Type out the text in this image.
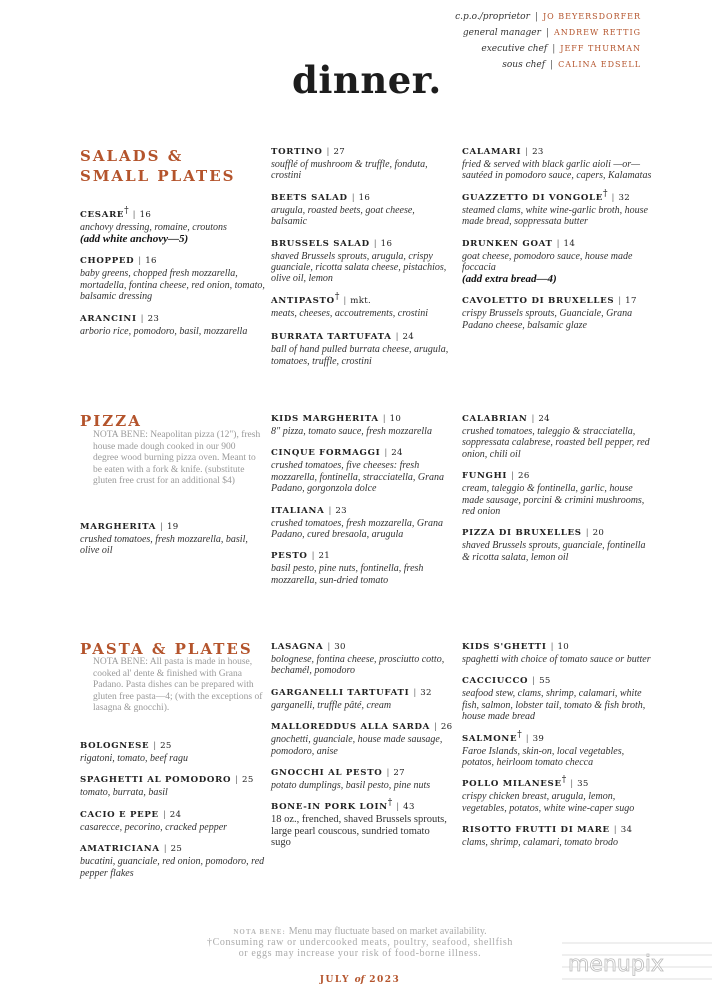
c.p.o./proprietor | JO BEYERSDORFER
general manager | ANDREW RETTIG
executive chef | JEFF THURMAN
sous chef | CALINA EDSELL
dinner.
SALADS &
SMALL PLATES
CESARE† | 16
anchovy dressing, romaine, croutons
(add white anchovy—5)
CHOPPED | 16
baby greens, chopped fresh mozzarella, mortadella, fontina cheese, red onion, tomato, balsamic dressing
ARANCINI | 23
arborio rice, pomodoro, basil, mozzarella
TORTINO | 27
soufflé of mushroom & truffle, fonduta, crostini
BEETS SALAD | 16
arugula, roasted beets, goat cheese, balsamic
BRUSSELS SALAD | 16
shaved Brussels sprouts, arugula, crispy guanciale, ricotta salata cheese, pistachios, olive oil, lemon
ANTIPASTO† | mkt.
meats, cheeses, accoutrements, crostini
BURRATA TARTUFATA | 24
ball of hand pulled burrata cheese, arugula, tomatoes, truffle, crostini
CALAMARI | 23
fried & served with black garlic aioli —or— sautéed in pomodoro sauce, capers, Kalamatas
GUAZZETTO DI VONGOLE† | 32
steamed clams, white wine-garlic broth, house made bread, soppressata butter
DRUNKEN GOAT | 14
goat cheese, pomodoro sauce, house made foccacia
(add extra bread—4)
CAVOLETTO DI BRUXELLES | 17
crispy Brussels sprouts, Guanciale, Grana Padano cheese, balsamic glaze
PIZZA
NOTA BENE: Neapolitan pizza (12"), fresh house made dough cooked in our 900 degree wood burning pizza oven. Meant to be eaten with a fork & knife. (substitute gluten free crust for an additional $4)
MARGHERITA | 19
crushed tomatoes, fresh mozzarella, basil, olive oil
KIDS MARGHERITA | 10
8" pizza, tomato sauce, fresh mozzarella
CINQUE FORMAGGI | 24
crushed tomatoes, five cheeses: fresh mozzarella, fontinella, stracciatella, Grana Padano, gorgonzola dolce
ITALIANA | 23
crushed tomatoes, fresh mozzarella, Grana Padano, cured bresaola, arugula
PESTO | 21
basil pesto, pine nuts, fontinella, fresh mozzarella, sun-dried tomato
CALABRIAN | 24
crushed tomatoes, taleggio & stracciatella, soppressata calabrese, roasted bell pepper, red onion, chili oil
FUNGHI | 26
cream, taleggio & fontinella, garlic, house made sausage, porcini & crimini mushrooms, red onion
PIZZA DI BRUXELLES | 20
shaved Brussels sprouts, guanciale, fontinella & ricotta salata, lemon oil
PASTA & PLATES
NOTA BENE: All pasta is made in house, cooked al' dente & finished with Grana Padano. Pasta dishes can be prepared with gluten free pasta—4; (with the exceptions of lasagna & gnocchi).
BOLOGNESE | 25
rigatoni, tomato, beef ragu
SPAGHETTI AL POMODORO | 25
tomato, burrata, basil
CACIO E PEPE | 24
casarecce, pecorino, cracked pepper
AMATRICIANA | 25
bucatini, guanciale, red onion, pomodoro, red pepper flakes
LASAGNA | 30
bolognese, fontina cheese, prosciutto cotto, bechamél, pomodoro
GARGANELLI TARTUFATI | 32
garganelli, truffle pâté, cream
MALLOREDDUS ALLA SARDA | 26
gnochetti, guanciale, house made sausage, pomodoro, anise
GNOCCHI AL PESTO | 27
potato dumplings, basil pesto, pine nuts
BONE-IN PORK LOIN† | 43
18 oz., frenched, shaved Brussels sprouts, large pearl couscous, sundried tomato sugo
KIDS S'GHETTI | 10
spaghetti with choice of tomato sauce or butter
CACCIUCCO | 55
seafood stew, clams, shrimp, calamari, white fish, salmon, lobster tail, tomato & fish broth, house made bread
SALMONE† | 39
Faroe Islands, skin-on, local vegetables, potatos, heirloom tomato checca
POLLO MILANESE† | 35
crispy chicken breast, arugula, lemon, vegetables, potatos, white wine-caper sugo
RISOTTO FRUTTI DI MARE | 34
clams, shrimp, calamari, tomato brodo
NOTA BENE: Menu may fluctuate based on market availability.
†Consuming raw or undercooked meats, poultry, seafood, shellfish
or eggs may increase your risk of food-borne illness.
JULY of 2023
menupix
